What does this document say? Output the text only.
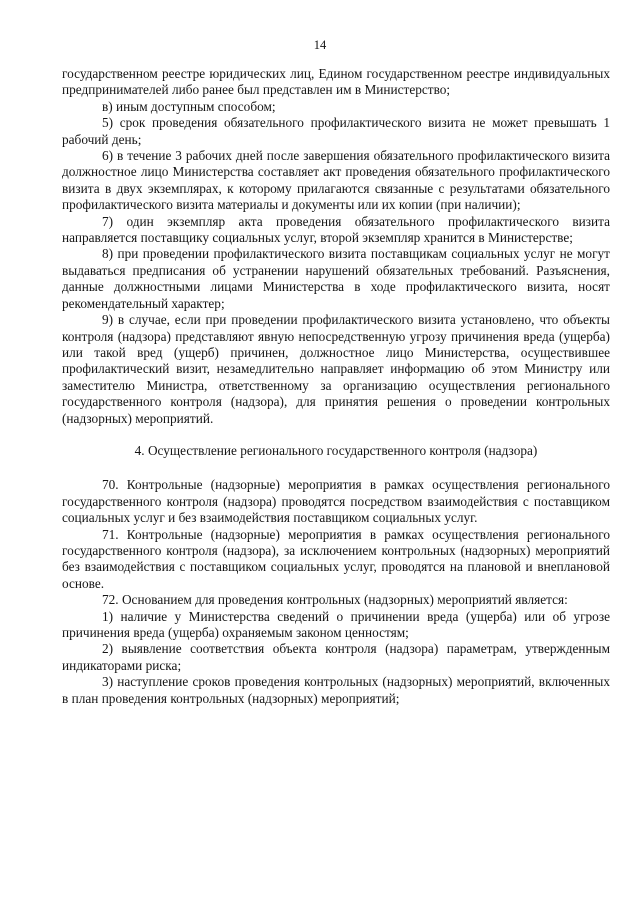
14

государственном реестре юридических лиц, Едином государственном реестре индивидуальных предпринимателей либо ранее был представлен им в Министерство;

в) иным доступным способом;

5) срок проведения обязательного профилактического визита не может превышать 1 рабочий день;

6) в течение 3 рабочих дней после завершения обязательного профилактического визита должностное лицо Министерства составляет акт проведения обязательного профилактического визита в двух экземплярах, к которому прилагаются связанные с результатами обязательного профилактического визита материалы и документы или их копии (при наличии);

7) один экземпляр акта проведения обязательного профилактического визита направляется поставщику социальных услуг, второй экземпляр хранится в Министерстве;

8) при проведении профилактического визита поставщикам социальных услуг не могут выдаваться предписания об устранении нарушений обязательных требований. Разъяснения, данные должностными лицами Министерства в ходе профилактического визита, носят рекомендательный характер;

9) в случае, если при проведении профилактического визита установлено, что объекты контроля (надзора) представляют явную непосредственную угрозу причинения вреда (ущерба) или такой вред (ущерб) причинен, должностное лицо Министерства, осуществившее профилактический визит, незамедлительно направляет информацию об этом Министру или заместителю Министра, ответственному за организацию осуществления регионального государственного контроля (надзора), для принятия решения о проведении контрольных (надзорных) мероприятий.

4. Осуществление регионального государственного контроля (надзора)

70. Контрольные (надзорные) мероприятия в рамках осуществления регионального государственного контроля (надзора) проводятся посредством взаимодействия с поставщиком социальных услуг и без взаимодействия поставщиком социальных услуг.

71. Контрольные (надзорные) мероприятия в рамках осуществления регионального государственного контроля (надзора), за исключением контрольных (надзорных) мероприятий без взаимодействия с поставщиком социальных услуг, проводятся на плановой и внеплановой основе.

72. Основанием для проведения контрольных (надзорных) мероприятий является:

1) наличие у Министерства сведений о причинении вреда (ущерба) или об угрозе причинения вреда (ущерба) охраняемым законом ценностям;

2) выявление соответствия объекта контроля (надзора) параметрам, утвержденным индикаторами риска;

3) наступление сроков проведения контрольных (надзорных) мероприятий, включенных в план проведения контрольных (надзорных) мероприятий;
